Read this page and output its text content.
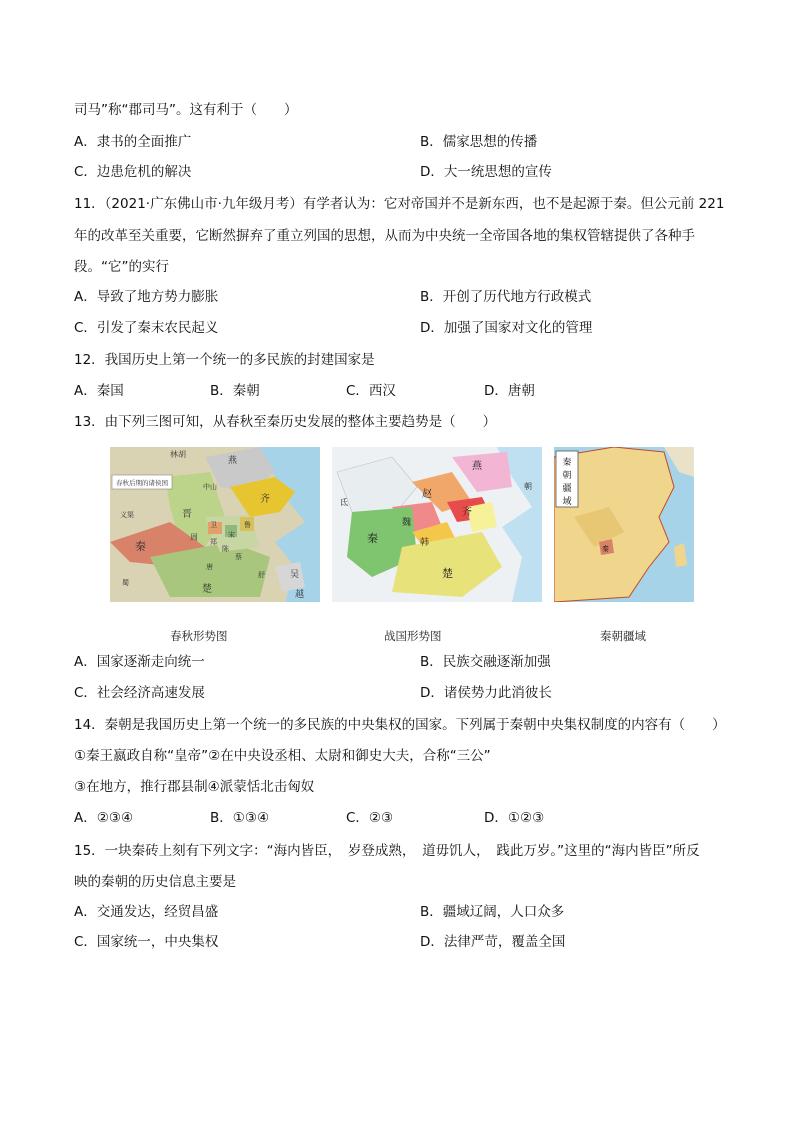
司马”称“郡司马”。这有利于（　　）
A．隶书的全面推广	B．儒家思想的传播
C．边患危机的解决	D．大一统思想的宣传
11．（2021·广东佛山市·九年级月考）有学者认为：它对帝国并不是新东西，也不是起源于秦。但公元前 221
年的改革至关重要，它断然摒弃了重立列国的思想，从而为中央统一全帝国各地的集权管辖提供了各种手
段。“它”的实行
A．导致了地方势力膨胀	B．开创了历代地方行政模式
C．引发了秦末农民起义	D．加强了国家对文化的管理
12．我国历史上第一个统一的多民族的封建国家是
A．秦国	B．秦朝	C．西汉	D．唐朝
13．由下列三图可知，从春秋至秦历史发展的整体主要趋势是（　　）
春秋后期的诸侯国
林胡
燕
中山
齐
晋
秦
卫
周 郑
宋
鲁
陈
蔡
唐
楚
吴
越
义渠
蜀
舒
燕
赵
魏
韩
齐
秦
楚
氐
朝
秦
朝
疆
域
秦
春秋形势图	战国形势图	秦朝疆域
A．国家逐渐走向统一	B．民族交融逐渐加强
C．社会经济高速发展	D．诸侯势力此消彼长
14．秦朝是我国历史上第一个统一的多民族的中央集权的国家。下列属于秦朝中央集权制度的内容有（　　）
①秦王嬴政自称“皇帝”②在中央设丞相、太尉和御史大夫，合称“三公”
③在地方，推行郡县制④派蒙恬北击匈奴
A．②③④	B．①③④	C．②③	D．①②③
15．一块秦砖上刻有下列文字：“海内皆臣，　岁登成熟，　道毋饥人，　践此万岁。”这里的“海内皆臣”所反
映的秦朝的历史信息主要是
A．交通发达，经贸昌盛	B．疆域辽阔，人口众多
C．国家统一，中央集权	D．法律严苛，覆盖全国
